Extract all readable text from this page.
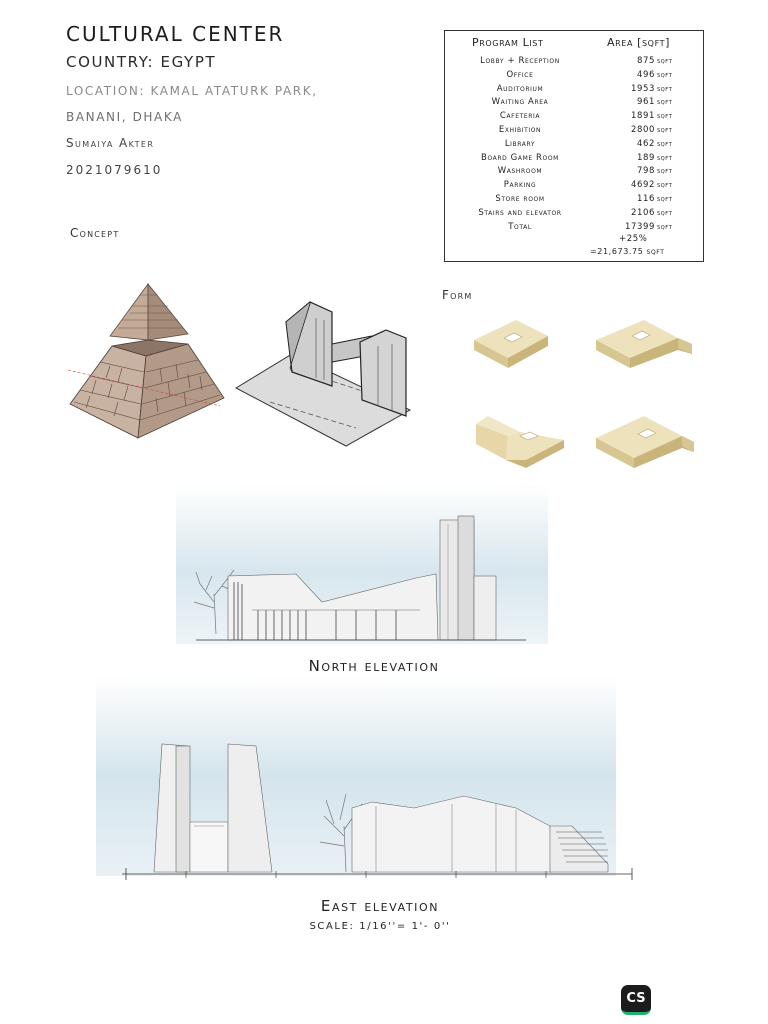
CULTURAL CENTER
COUNTRY: EGYPT
LOCATION: KAMAL ATATURK PARK,
BANANI, DHAKA
Sumaiya Akter
2021079610
Concept
Form
Program List	Area [sqft]
Lobby + Reception	875 sqft
Office	496 sqft
Auditorium	1953 sqft
Waiting Area	961 sqft
Cafeteria	1891 sqft
Exhibition	2800 sqft
Library	462 sqft
Board Game Room	189 sqft
Washroom	798 sqft
Parking	4692 sqft
Store room	116 sqft
Stairs and elevator	2106 sqft
Total	17399 sqft
+25%
=21,673.75 sqft
North elevation
East elevation
SCALE: 1/16''= 1'- 0''
CS
